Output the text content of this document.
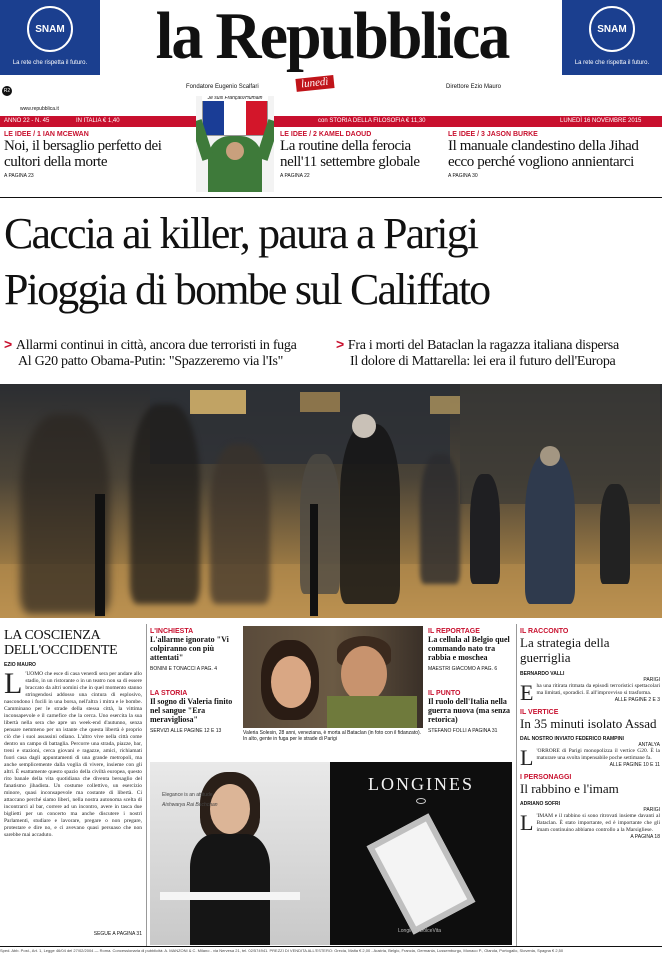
SNAM
La rete che rispetta il futuro.
SNAM
La rete che rispetta il futuro.
la Repubblica
lunedì
Fondatore Eugenio Scalfari	Direttore Ezio Mauro
R2
www.repubblica.it
ANNO 22 - N. 45	IN ITALIA € 1,40	con STORIA DELLA FILOSOFIA € 11,30	LUNEDÌ 16 NOVEMBRE 2015
Je suis Français/Humain
LE IDEE / 1 IAN MCEWAN
Noi, il bersaglio perfetto dei cultori della morte
A PAGINA 23
LE IDEE / 2 KAMEL DAOUD
La routine della ferocia nell'11 settembre globale
A PAGINA 22
LE IDEE / 3 JASON BURKE
Il manuale clandestino della Jihad ecco perché vogliono annientarci
A PAGINA 30
Caccia ai killer, paura a Parigi
Pioggia di bombe sul Califfato
> Allarmi continui in città, ancora due terroristi in fuga
Al G20 patto Obama-Putin: "Spazzeremo via l'Is"
> Fra i morti del Bataclan la ragazza italiana dispersa
Il dolore di Mattarella: lei era il futuro dell'Europa
LA COSCIENZA DELL'OCCIDENTE
EZIO MAURO
L 'UOMO che esce di casa venerdì sera per andare allo stadio, in un ristorante o in un teatro non sa di essere braccato da altri uomini che in quel momento stanno stringendosi addosso una cintura di esplosivo, nascondono i fucili in una borsa, nell'altra i mitra e le bombe. Camminano per le strade della stessa città, la vittima inconsapevole e il carnefice che la cerca. Uno esercita la sua libertà nella sera che apre un week-end d'autunno, senza pensare nemmeno per un istante che questa libertà è proprio ciò che i suoi assassini odiano. L'altro vive nella città come dentro un campo di battaglia. Percorre una strada, piazze, bar, treni e stazioni, cerca giovani e ragazze, amici, richiamati fuori casa dagli appuntamenti di una grande metropoli, ma anche semplicemente dalla voglia di vivere, insieme con gli altri. È esattamente questo spazio della civiltà europea, questo rito banale della vita quotidiana che diventa bersaglio del fanatismo jihadista. Un costume collettivo, un esercizio minore, quasi inconsapevole ma costante di libertà. Ci attaccano perché siamo liberi, nella nostra autonoma scelta di incontrarci al bar, correre ad un incontro, avere in tasca due biglietti per un concerto ma anche discutere i nostri Parlamenti, studiare e lavorare, pregare o non pregare, protestare e dire no, e ci avevano quasi persuaso che non sarebbe mai accaduto.
SEGUE A PAGINA 31
L'INCHIESTA
L'allarme ignorato "Vi colpiranno con più attentati"
BONINI E TONACCI A PAG. 4
LA STORIA
Il sogno di Valeria finito nel sangue "Era meravigliosa"
SERVIZI ALLE PAGINE 12 E 13	Valeria Solesin, 28 anni, veneziana, è morta al Bataclan (in foto con il fidanzato). In alto, gente in fuga per le strade di Parigi
IL REPORTAGE
La cellula al Belgio quel commando nato tra rabbia e moschea
MAESTRI GIACOMO A PAG. 6
IL PUNTO
Il ruolo dell'Italia nella guerra nuova (ma senza retorica)
STEFANO FOLLI A PAGINA 31
Elegance is an attitude
Aishwarya Rai Bachchan
LONGINES
Longines DolceVita
IL RACCONTO
La strategia della guerriglia
BERNARDO VALLI
PARIGI
Eha una ritirata ritmata da episodi terroristici spettacolari ma limitati, sporadici. E all'improvviso si trasforma.
ALLE PAGINE 2 E 3
IL VERTICE
In 35 minuti isolato Assad
DAL NOSTRO INVIATO FEDERICO RAMPINI
ANTALYA
L 'ORRORE di Parigi monopolizza il vertice G20. È la maturare una svolta impensabile poche settimane fa.
ALLE PAGINE 10 E 11
I PERSONAGGI
Il rabbino e l'imam
ADRIANO SOFRI
PARIGI
L 'IMAM e il rabbino si sono ritrovati insieme davanti al Bataclan. È stato importante, ed è importante che gli imam continuino abbiamo controllo a la Marsigliese.
A PAGINA 18
Sped. Abb. Post., Art. 1, Legge 46/04 del 27/02/2004 — Roma. Concessionaria di pubblicità: A. MANZONI & C. Milano - via Nervesa 21, tel. 02/574941. PREZZI DI VENDITA ALL'ESTERO: Grecia, Malta € 2,00 - Austria, Belgio, Francia, Germania, Lussemburgo, Monaco P., Olanda, Portogallo, Slovenia, Spagna € 2,50
